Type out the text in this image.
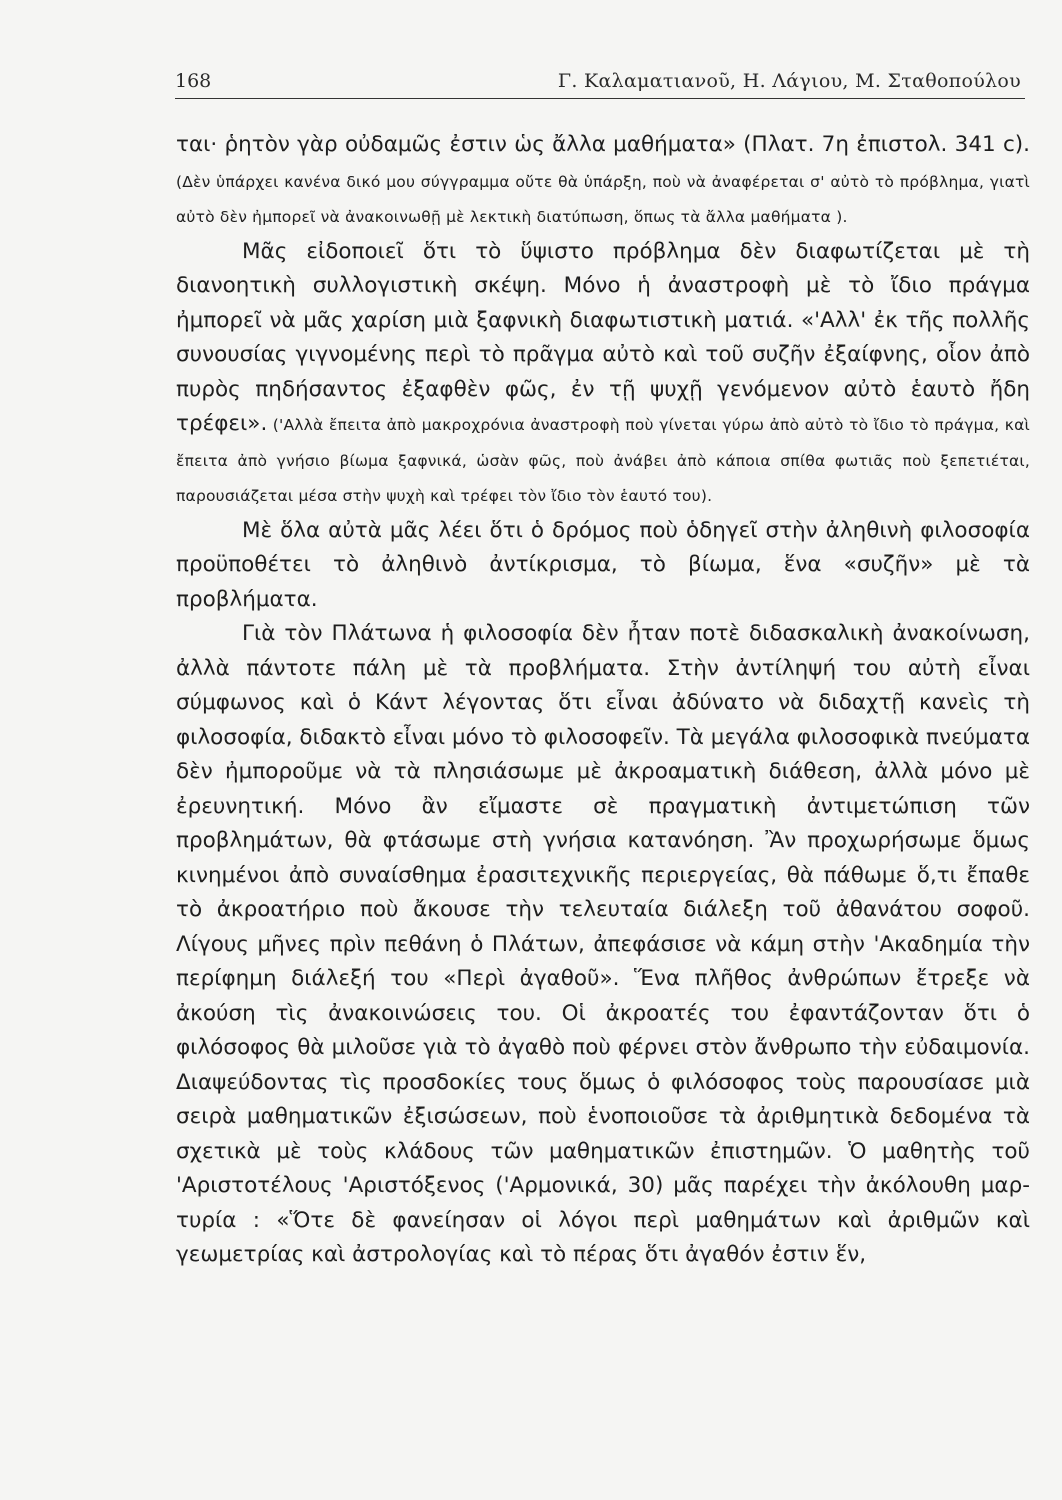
168	Γ. Καλαματιανοῦ, Η. Λάγιου, Μ. Σταθοπούλου

ται· ῥητὸν γὰρ οὐδαμῶς ἐστιν ὡς ἄλλα μαθήματα» (Πλατ. 7η ἐπιστολ. 341 c). (Δὲν ὑπάρχει κανένα δικό μου σύγγραμμα οὔτε θὰ ὑπάρξη, ποὺ νὰ ἀναφέρεται σ' αὐτὸ τὸ πρόβλημα, γιατὶ αὐτὸ δὲν ἠμπορεῖ νὰ ἀνακοινωθῇ μὲ λεκτικὴ διατύπωση, ὅπως τὰ ἄλλα μαθήματα ).

Μᾶς εἰδοποιεῖ ὅτι τὸ ὕψιστο πρόβλημα δὲν διαφωτίζεται μὲ τὴ διανοητικὴ συλλογιστικὴ σκέψη. Μόνο ἡ ἀναστροφὴ μὲ τὸ ἴδιο πράγμα ἠμπορεῖ νὰ μᾶς χαρίση μιὰ ξαφνικὴ διαφωτιστικὴ ματιά. «'Αλλ' ἐκ τῆς πολλῆς συνουσίας γιγνομένης περὶ τὸ πρᾶγμα αὐτὸ καὶ τοῦ συζῆν ἐξαίφνης, οἷον ἀπὸ πυρὸς πηδήσαντος ἐξαφθὲν φῶς, ἐν τῇ ψυχῇ γενόμενον αὐτὸ ἑαυτὸ ἤδη τρέφει». ('Αλλὰ ἔπειτα ἀπὸ μακροχρόνια ἀναστροφὴ ποὺ γίνεται γύρω ἀπὸ αὐτὸ τὸ ἴδιο τὸ πράγμα, καὶ ἔπειτα ἀπὸ γνήσιο βίωμα ξαφνικά, ὡσὰν φῶς, ποὺ ἀνάβει ἀπὸ κάποια σπίθα φωτιᾶς ποὺ ξεπετιέται, παρουσιάζεται μέσα στὴν ψυχὴ καὶ τρέφει τὸν ἴδιο τὸν ἑαυτό του).

Μὲ ὅλα αὐτὰ μᾶς λέει ὅτι ὁ δρόμος ποὺ ὁδηγεῖ στὴν ἀληθινὴ φιλοσοφία προϋποθέτει τὸ ἀληθινὸ ἀντίκρισμα, τὸ βίωμα, ἕνα «συζῆν» μὲ τὰ προβλήματα.

Γιὰ τὸν Πλάτωνα ἡ φιλοσοφία δὲν ἦταν ποτὲ διδασκαλικὴ ἀνακοίνωση, ἀλλὰ πάντοτε πάλη μὲ τὰ προβλήματα. Στὴν ἀντίληψή του αὐτὴ εἶναι σύμφωνος καὶ ὁ Κάντ λέγοντας ὅτι εἶναι ἀδύνατο νὰ διδαχτῇ κανεὶς τὴ φιλοσοφία, διδακτὸ εἶναι μόνο τὸ φιλοσοφεῖν. Τὰ μεγάλα φιλοσοφικὰ πνεύματα δὲν ἠμποροῦμε νὰ τὰ πλησιάσωμε μὲ ἀκροαματικὴ διάθεση, ἀλλὰ μόνο μὲ ἐρευνητική. Μόνο ἂν εἴμαστε σὲ πραγματικὴ ἀντιμετώπιση τῶν προβλημάτων, θὰ φτάσωμε στὴ γνήσια κατανόηση. Ἂν προχωρήσωμε ὅμως κινημένοι ἀπὸ συναίσθημα ἐρασιτεχνικῆς περιεργείας, θὰ πάθωμε ὅ,τι ἔπαθε τὸ ἀκροατήριο ποὺ ἄκουσε τὴν τελευταία διάλεξη τοῦ ἀθανάτου σοφοῦ. Λίγους μῆνες πρὶν πεθάνη ὁ Πλάτων, ἀπεφάσισε νὰ κάμη στὴν 'Ακαδημία τὴν περίφημη διάλεξή του «Περὶ ἀγαθοῦ». Ἕνα πλῆθος ἀνθρώπων ἔτρεξε νὰ ἀκούση τὶς ἀνακοινώσεις του. Οἱ ἀκροατές του ἐφαντάζονταν ὅτι ὁ φιλόσοφος θὰ μιλοῦσε γιὰ τὸ ἀγαθὸ ποὺ φέρνει στὸν ἄνθρωπο τὴν εὐδαιμονία. Διαψεύδοντας τὶς προσδοκίες τους ὅμως ὁ φιλόσοφος τοὺς παρουσίασε μιὰ σειρὰ μαθηματικῶν ἐξισώσεων, ποὺ ἑνοποιοῦσε τὰ ἀριθμητικὰ δεδομένα τὰ σχετικὰ μὲ τοὺς κλάδους τῶν μαθηματικῶν ἐπιστημῶν. Ὁ μαθητὴς τοῦ 'Αριστοτέλους 'Αριστόξενος ('Αρμονικά, 30) μᾶς παρέχει τὴν ἀκόλουθη μαρτυρία : «Ὅτε δὲ φανείησαν οἱ λόγοι περὶ μαθημάτων καὶ ἀριθμῶν καὶ γεωμετρίας καὶ ἀστρολογίας καὶ τὸ πέρας ὅτι ἀγαθόν ἐστιν ἕν,
